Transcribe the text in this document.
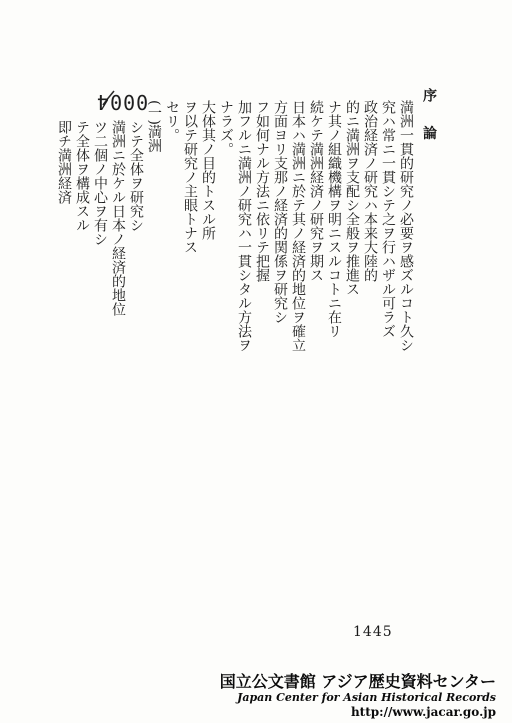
0004	序 　 論
満洲一貫的研究ノ必要ヲ感ズルコト久シ
究ハ常ニ一貫シテ之ヲ行ハザル可ラズ
政治経済ノ研究ハ本来大陸的
的ニ満洲ヲ支配シ全般ヲ推進ス
ナ其ノ組織機構ヲ明ニスルコトニ在リ
続ケテ満洲経済ノ研究ヲ期ス
日本ハ満洲ニ於テ其ノ経済的地位ヲ確立
方面ヨリ支那ノ経済的関係ヲ研究シ
フ如何ナル方法ニ依リテ把握
加フルニ満洲ノ研究ハ一貫シタル方法ヲ
ナラズ。
大体其ノ目的トスル所
ヲ以テ研究ノ主眼トナス
セリ。
(一)満洲
シテ全体ヲ研究シ
満洲ニ於ケル日本ノ経済的地位
ツ二個ノ中心ヲ有シ
テ全体ヲ構成スル
即チ満洲経済
1445
国立公文書館 アジア歴史資料センター
Japan Center for Asian Historical Records
http://www.jacar.go.jp
